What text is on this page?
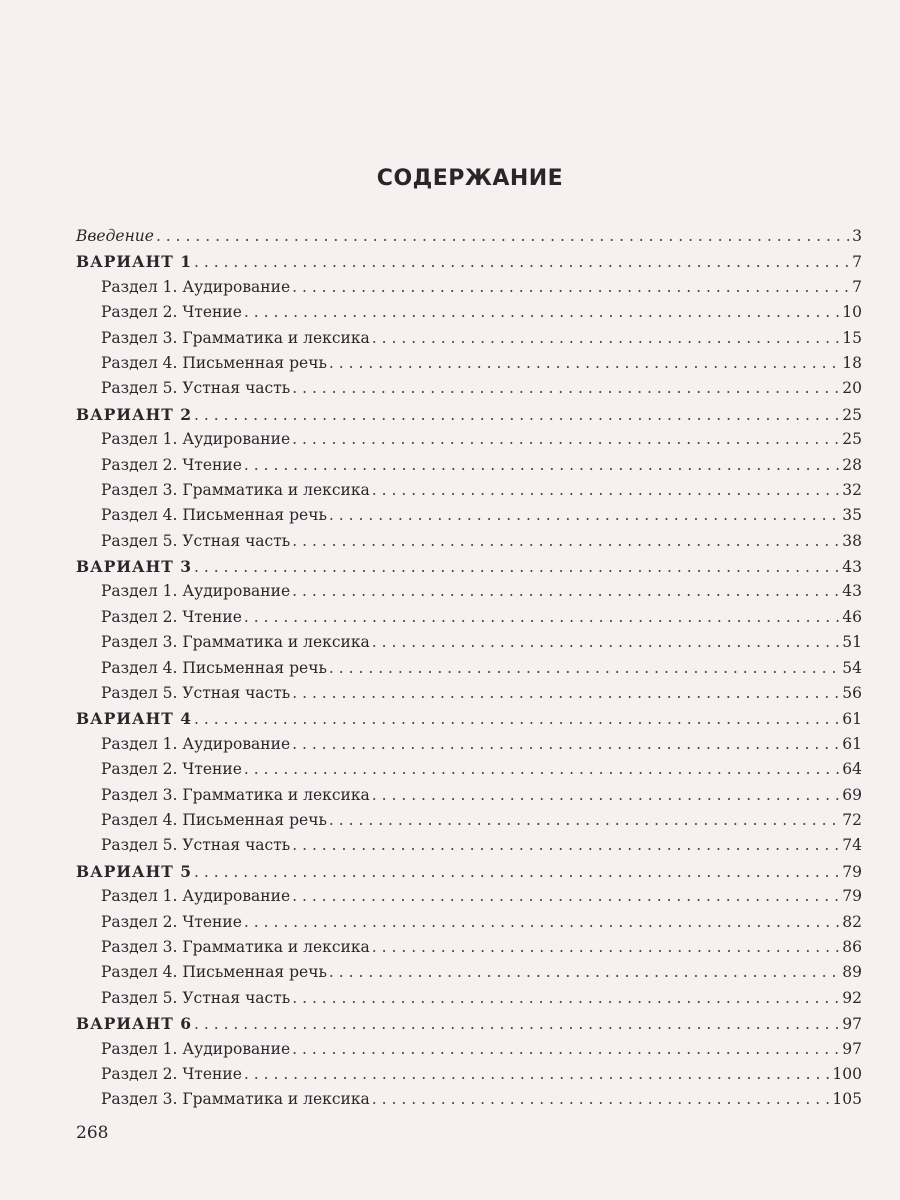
СОДЕРЖАНИЕ
Введение . . .	3
ВАРИАНТ 1 . . .	7
Раздел 1. Аудирование . . .	7
Раздел 2. Чтение . . .	10
Раздел 3. Грамматика и лексика . . .	15
Раздел 4. Письменная речь . . .	18
Раздел 5. Устная часть . . .	20
ВАРИАНТ 2 . . .	25
Раздел 1. Аудирование . . .	25
Раздел 2. Чтение . . .	28
Раздел 3. Грамматика и лексика . . .	32
Раздел 4. Письменная речь . . .	35
Раздел 5. Устная часть . . .	38
ВАРИАНТ 3 . . .	43
Раздел 1. Аудирование . . .	43
Раздел 2. Чтение . . .	46
Раздел 3. Грамматика и лексика . . .	51
Раздел 4. Письменная речь . . .	54
Раздел 5. Устная часть . . .	56
ВАРИАНТ 4 . . .	61
Раздел 1. Аудирование . . .	61
Раздел 2. Чтение . . .	64
Раздел 3. Грамматика и лексика . . .	69
Раздел 4. Письменная речь . . .	72
Раздел 5. Устная часть . . .	74
ВАРИАНТ 5 . . .	79
Раздел 1. Аудирование . . .	79
Раздел 2. Чтение . . .	82
Раздел 3. Грамматика и лексика . . .	86
Раздел 4. Письменная речь . . .	89
Раздел 5. Устная часть . . .	92
ВАРИАНТ 6 . . .	97
Раздел 1. Аудирование . . .	97
Раздел 2. Чтение . . .	100
Раздел 3. Грамматика и лексика . . .	105
268
